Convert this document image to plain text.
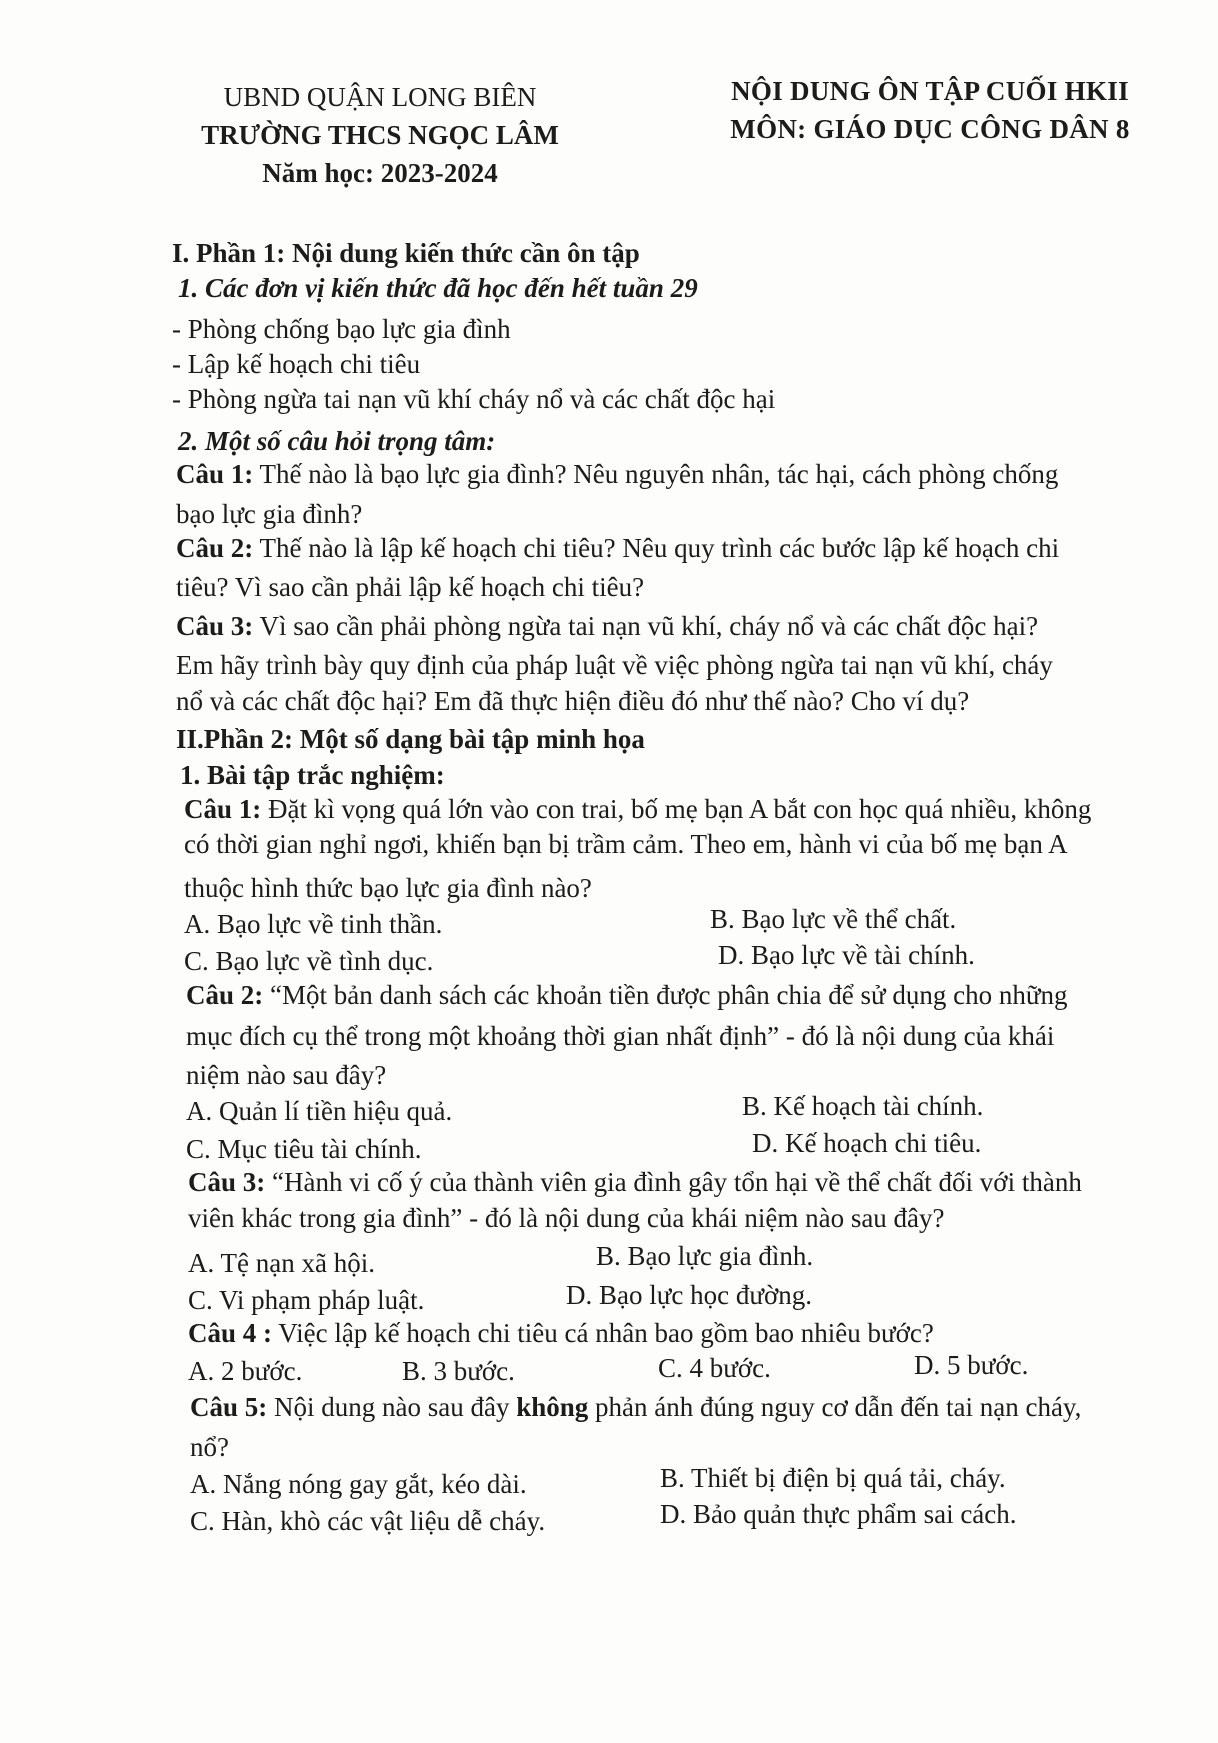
UBND QUẬN LONG BIÊN
TRƯỜNG THCS NGỌC LÂM
Năm học: 2023-2024
NỘI DUNG ÔN TẬP CUỐI HKII
MÔN: GIÁO DỤC CÔNG DÂN 8
I. Phần 1: Nội dung kiến thức cần ôn tập
1. Các đơn vị kiến thức đã học đến hết tuần 29
- Phòng chống bạo lực gia đình
- Lập kế hoạch chi tiêu
- Phòng ngừa tai nạn vũ khí cháy nổ và các chất độc hại
2. Một số câu hỏi trọng tâm:
Câu 1: Thế nào là bạo lực gia đình? Nêu nguyên nhân, tác hại, cách phòng chống
bạo lực gia đình?
Câu 2: Thế nào là lập kế hoạch chi tiêu? Nêu quy trình các bước lập kế hoạch chi
tiêu? Vì sao cần phải lập kế hoạch chi tiêu?
Câu 3: Vì sao cần phải phòng ngừa tai nạn vũ khí, cháy nổ và các chất độc hại?
Em hãy trình bày quy định của pháp luật về việc phòng ngừa tai nạn vũ khí, cháy
nổ và các chất độc hại? Em đã thực hiện điều đó như thế nào? Cho ví dụ?
II.Phần 2: Một số dạng bài tập minh họa
1. Bài tập trắc nghiệm:
Câu 1: Đặt kì vọng quá lớn vào con trai, bố mẹ bạn A bắt con học quá nhiều, không
có thời gian nghỉ ngơi, khiến bạn bị trầm cảm. Theo em, hành vi của bố mẹ bạn A
thuộc hình thức bạo lực gia đình nào?
A. Bạo lực về tinh thần.	B. Bạo lực về thể chất.
C. Bạo lực về tình dục.	D. Bạo lực về tài chính.
Câu 2: “Một bản danh sách các khoản tiền được phân chia để sử dụng cho những
mục đích cụ thể trong một khoảng thời gian nhất định” - đó là nội dung của khái
niệm nào sau đây?
A. Quản lí tiền hiệu quả.	B. Kế hoạch tài chính.
C. Mục tiêu tài chính.	D. Kế hoạch chi tiêu.
Câu 3: “Hành vi cố ý của thành viên gia đình gây tổn hại về thể chất đối với thành
viên khác trong gia đình” - đó là nội dung của khái niệm nào sau đây?
A. Tệ nạn xã hội.	B. Bạo lực gia đình.
C. Vi phạm pháp luật.	D. Bạo lực học đường.
Câu 4 : Việc lập kế hoạch chi tiêu cá nhân bao gồm bao nhiêu bước?
A. 2 bước.	B. 3 bước.	C. 4 bước.	D. 5 bước.
Câu 5: Nội dung nào sau đây không phản ánh đúng nguy cơ dẫn đến tai nạn cháy,
nổ?
A. Nắng nóng gay gắt, kéo dài.	B. Thiết bị điện bị quá tải, cháy.
C. Hàn, khò các vật liệu dễ cháy.	D. Bảo quản thực phẩm sai cách.
